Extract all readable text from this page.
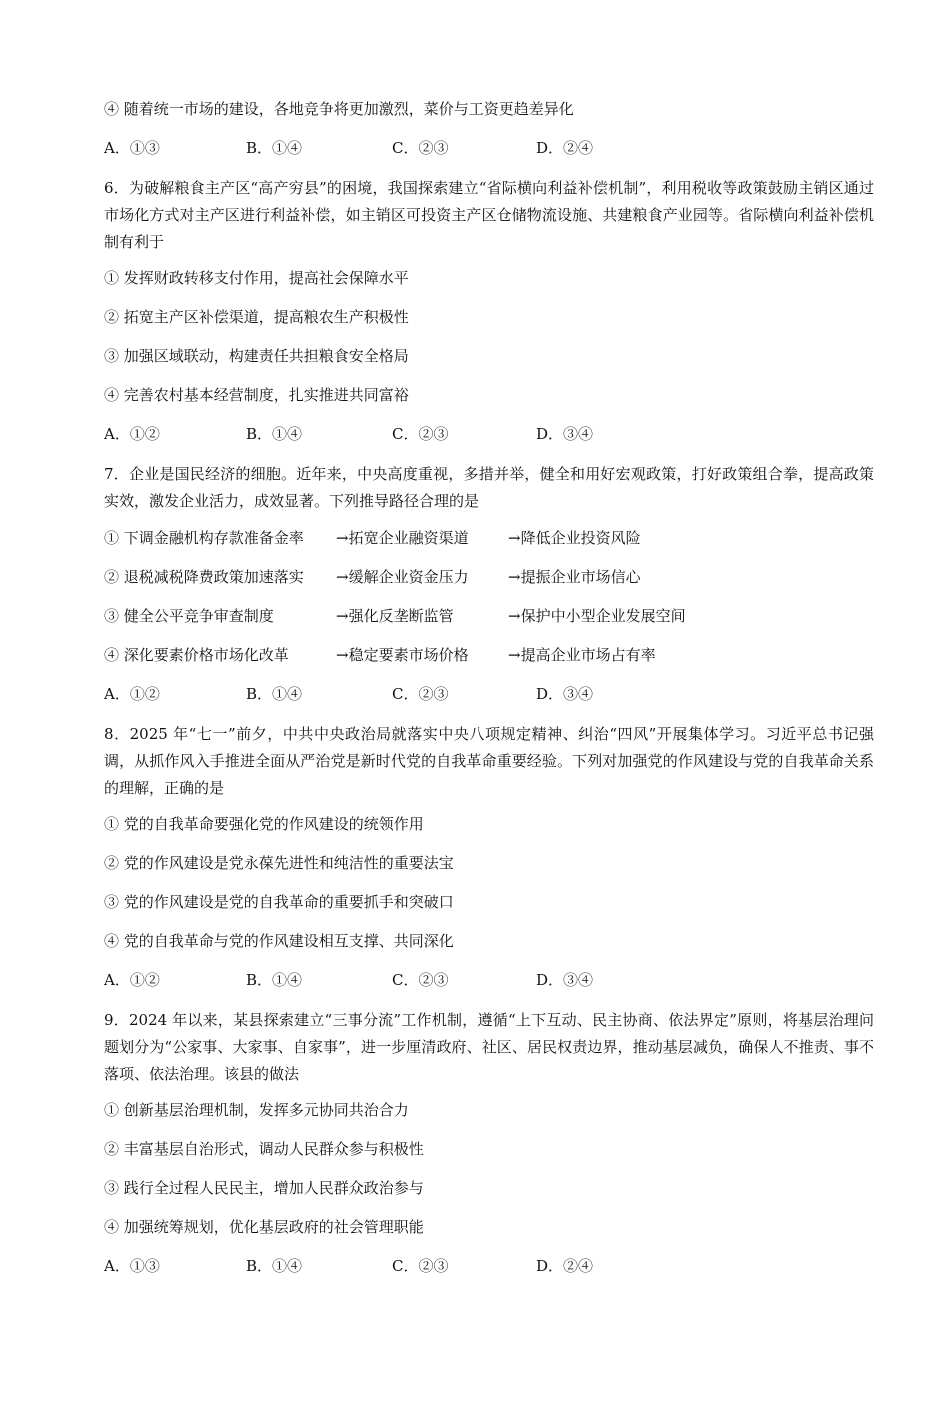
④ 随着统一市场的建设，各地竞争将更加激烈，菜价与工资更趋差异化
A．①③	B．①④	C．②③	D．②④
6．为破解粮食主产区“高产穷县”的困境，我国探索建立“省际横向利益补偿机制”，利用税收等政策鼓励主销区通过市场化方式对主产区进行利益补偿，如主销区可投资主产区仓储物流设施、共建粮食产业园等。省际横向利益补偿机制有利于
① 发挥财政转移支付作用，提高社会保障水平
② 拓宽主产区补偿渠道，提高粮农生产积极性
③ 加强区域联动，构建责任共担粮食安全格局
④ 完善农村基本经营制度，扎实推进共同富裕
A．①②	B．①④	C．②③	D．③④
7．企业是国民经济的细胞。近年来，中央高度重视，多措并举，健全和用好宏观政策，打好政策组合拳，提高政策实效，激发企业活力，成效显著。下列推导路径合理的是
① 下调金融机构存款准备金率 →拓宽企业融资渠道	→降低企业投资风险
② 退税减税降费政策加速落实 →缓解企业资金压力	→提振企业市场信心
③ 健全公平竞争审查制度	→强化反垄断监管	→保护中小型企业发展空间
④ 深化要素价格市场化改革	→稳定要素市场价格	→提高企业市场占有率
A．①②	B．①④	C．②③	D．③④
8．2025 年“七一”前夕，中共中央政治局就落实中央八项规定精神、纠治“四风”开展集体学习。习近平总书记强调，从抓作风入手推进全面从严治党是新时代党的自我革命重要经验。下列对加强党的作风建设与党的自我革命关系的理解，正确的是
① 党的自我革命要强化党的作风建设的统领作用
② 党的作风建设是党永葆先进性和纯洁性的重要法宝
③ 党的作风建设是党的自我革命的重要抓手和突破口
④ 党的自我革命与党的作风建设相互支撑、共同深化
A．①②	B．①④	C．②③	D．③④
9．2024 年以来，某县探索建立“三事分流”工作机制，遵循“上下互动、民主协商、依法界定”原则，将基层治理问题划分为“公家事、大家事、自家事”，进一步厘清政府、社区、居民权责边界，推动基层减负，确保人不推责、事不落项、依法治理。该县的做法
① 创新基层治理机制，发挥多元协同共治合力
② 丰富基层自治形式，调动人民群众参与积极性
③ 践行全过程人民民主，增加人民群众政治参与
④ 加强统筹规划，优化基层政府的社会管理职能
A．①③	B．①④	C．②③	D．②④
